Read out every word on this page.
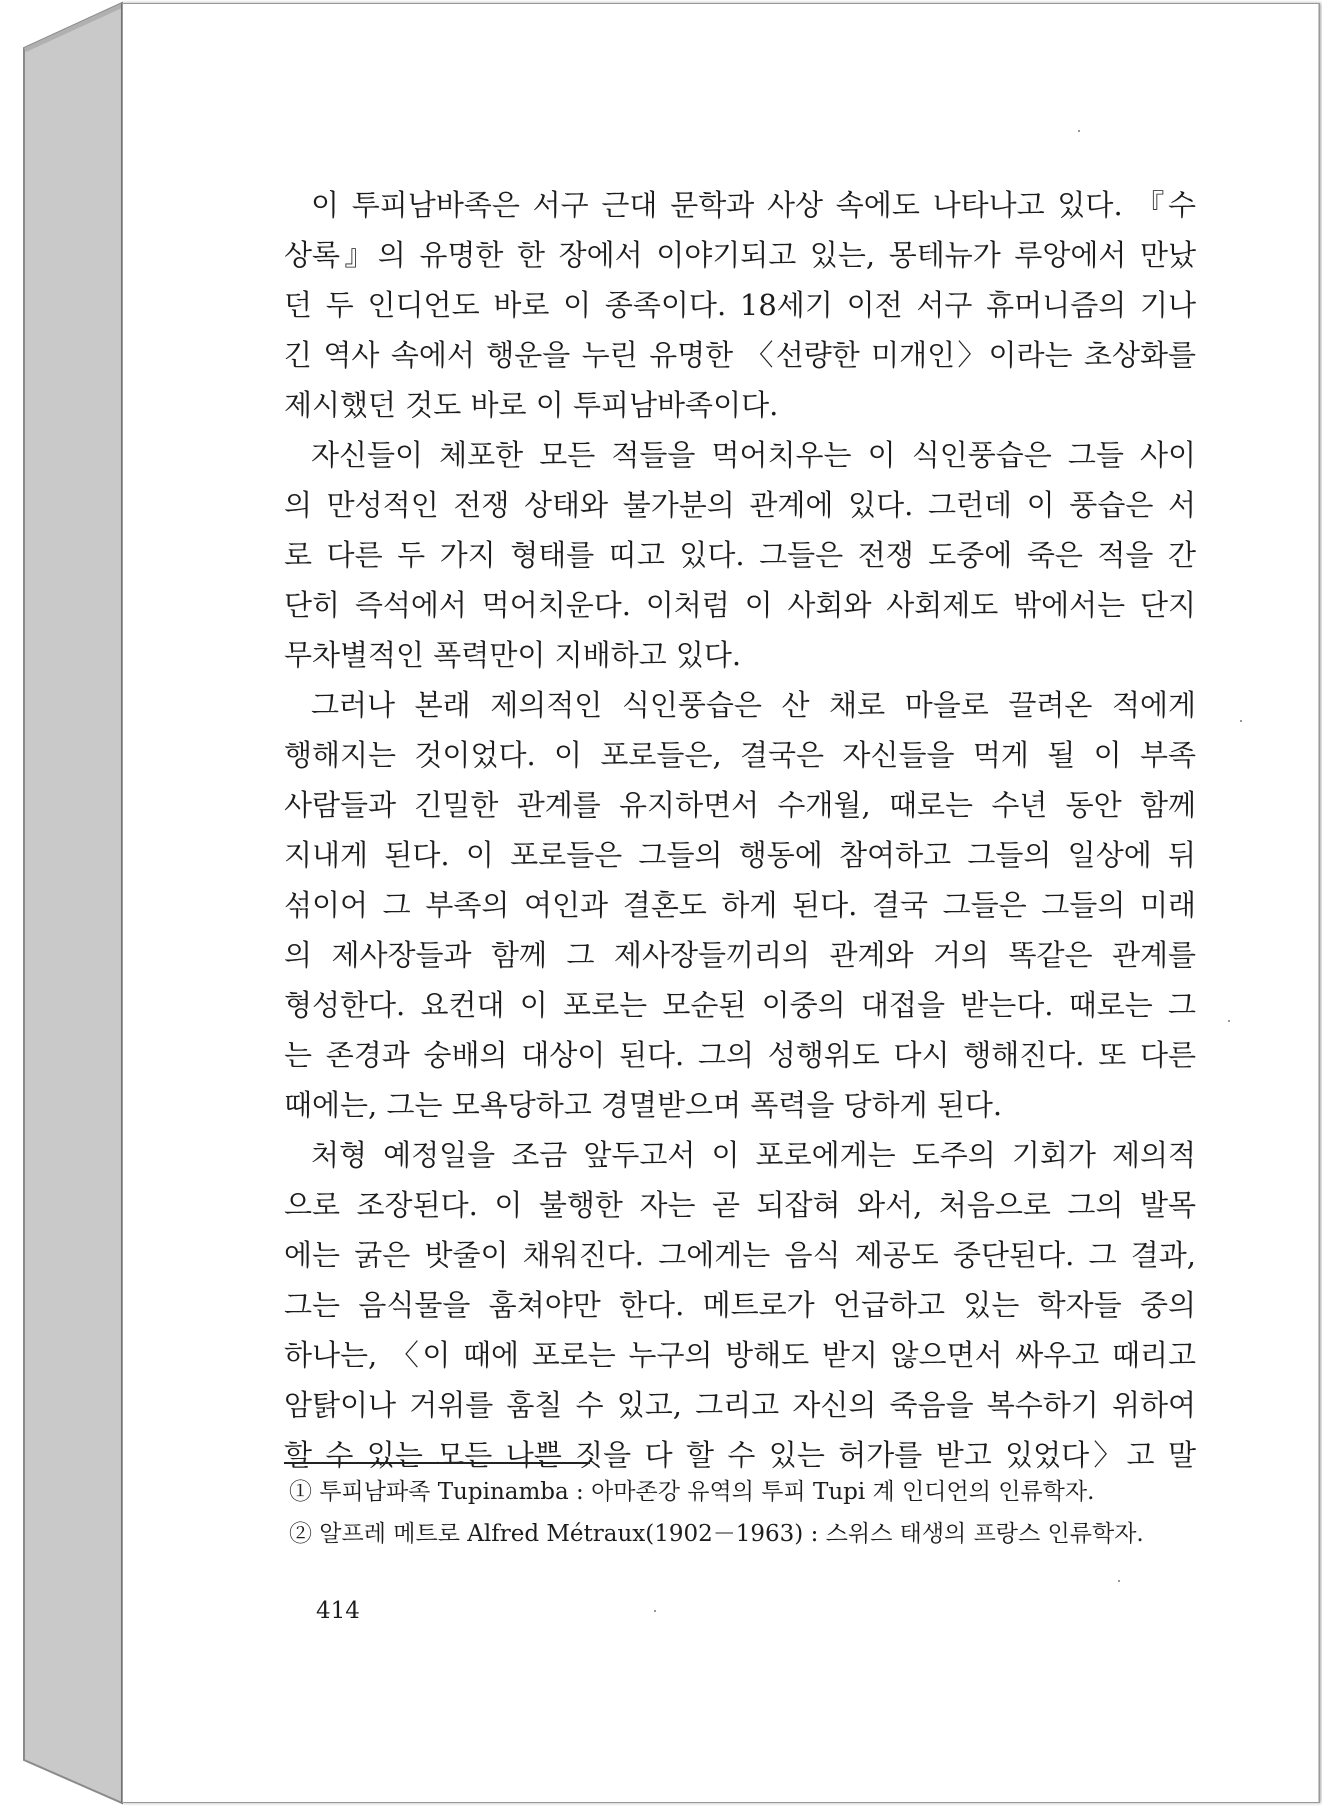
이 투피남바족은 서구 근대 문학과 사상 속에도 나타나고 있다. 『수
상록』의 유명한 한 장에서 이야기되고 있는, 몽테뉴가 루앙에서 만났
던 두 인디언도 바로 이 종족이다. 18세기 이전 서구 휴머니즘의 기나
긴 역사 속에서 행운을 누린 유명한 〈선량한 미개인〉이라는 초상화를
제시했던 것도 바로 이 투피남바족이다.
자신들이 체포한 모든 적들을 먹어치우는 이 식인풍습은 그들 사이
의 만성적인 전쟁 상태와 불가분의 관계에 있다. 그런데 이 풍습은 서
로 다른 두 가지 형태를 띠고 있다. 그들은 전쟁 도중에 죽은 적을 간
단히 즉석에서 먹어치운다. 이처럼 이 사회와 사회제도 밖에서는 단지
무차별적인 폭력만이 지배하고 있다.
그러나 본래 제의적인 식인풍습은 산 채로 마을로 끌려온 적에게
행해지는 것이었다. 이 포로들은, 결국은 자신들을 먹게 될 이 부족
사람들과 긴밀한 관계를 유지하면서 수개월, 때로는 수년 동안 함께
지내게 된다. 이 포로들은 그들의 행동에 참여하고 그들의 일상에 뒤
섞이어 그 부족의 여인과 결혼도 하게 된다. 결국 그들은 그들의 미래
의 제사장들과 함께 그 제사장들끼리의 관계와 거의 똑같은 관계를
형성한다. 요컨대 이 포로는 모순된 이중의 대접을 받는다. 때로는 그
는 존경과 숭배의 대상이 된다. 그의 성행위도 다시 행해진다. 또 다른
때에는, 그는 모욕당하고 경멸받으며 폭력을 당하게 된다.
처형 예정일을 조금 앞두고서 이 포로에게는 도주의 기회가 제의적
으로 조장된다. 이 불행한 자는 곧 되잡혀 와서, 처음으로 그의 발목
에는 굵은 밧줄이 채워진다. 그에게는 음식 제공도 중단된다. 그 결과,
그는 음식물을 훔쳐야만 한다. 메트로가 언급하고 있는 학자들 중의
하나는, 〈이 때에 포로는 누구의 방해도 받지 않으면서 싸우고 때리고
암탉이나 거위를 훔칠 수 있고, 그리고 자신의 죽음을 복수하기 위하여
할 수 있는 모든 나쁜 짓을 다 할 수 있는 허가를 받고 있었다〉고 말
① 투피남파족 Tupinamba : 아마존강 유역의 투피 Tupi 계 인디언의 인류학자.
② 알프레 메트로 Alfred Métraux(1902－1963) : 스위스 태생의 프랑스 인류학자.
414
